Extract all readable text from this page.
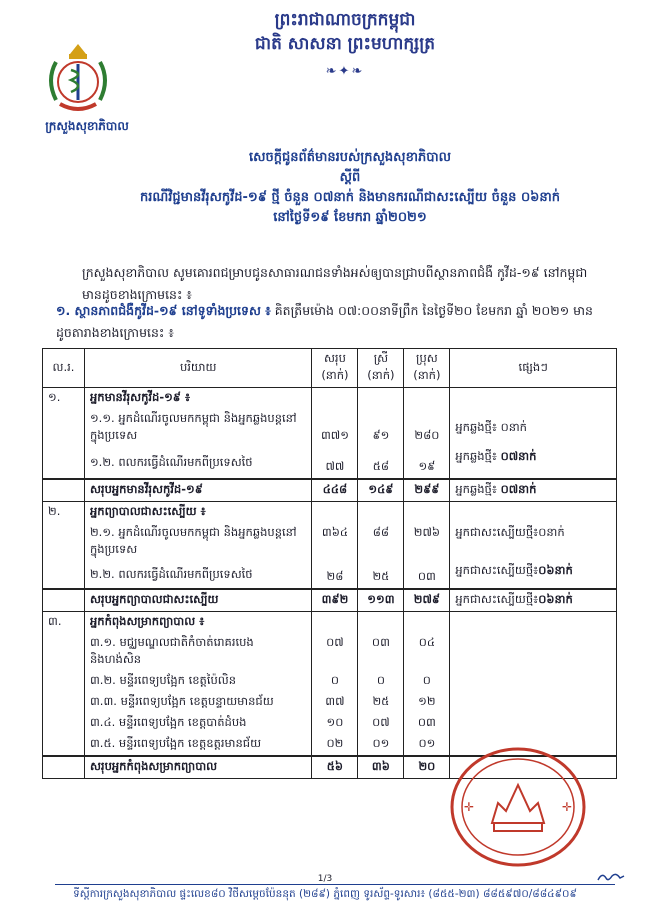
ព្រះរាជាណាចក្រកម្ពុជា
ជាតិ សាសនា ព្រះមហាក្សត្រ
❧✦❧
ក្រសួងសុខាភិបាល
សេចក្តីជូនព័ត៌មានរបស់ក្រសួងសុខាភិបាល
ស្តីពី
ករណីវិជ្ជមានវីរុសកូវីដ-១៩ ថ្មី ចំនួន ០៧នាក់ និងមានករណីជាសះស្បើយ ចំនួន ០៦នាក់
នៅថ្ងៃទី១៩ ខែមករា ឆ្នាំ២០២១
ក្រសួងសុខាភិបាល សូមគោរពជម្រាបជូនសាធារណជនទាំងអស់ឲ្យបានជ្រាបពីស្ថានភាពជំងឺ កូវីដ-១៩ នៅកម្ពុជា មានដូចខាងក្រោមនេះ ៖
១. ស្ថានភាពជំងឺកូវីដ-១៩ នៅទូទាំងប្រទេស ៖ គិតត្រឹមម៉ោង ០៧:០០នាទីព្រឹក នៃថ្ងៃទី២០ ខែមករា ឆ្នាំ ២០២១ មានដូចតារាងខាងក្រោមនេះ ៖
ល.រ.	បរិយាយ	សរុប (នាក់)	ស្រី (នាក់)	ប្រុស (នាក់)	ផ្សេងៗ
១.	អ្នកមានវីរុសកូវីដ-១៩ ៖				
	១.១. អ្នកដំណើរចូលមកកម្ពុជា និងអ្នកឆ្លងបន្តនៅក្នុងប្រទេស	៣៧១	៩១	២៨០	អ្នកឆ្លងថ្មី៖ ០នាក់
	១.២. ពលករធ្វើដំណើរមកពីប្រទេសថៃ	៧៧	៥៨	១៩	អ្នកឆ្លងថ្មី៖ ០៧នាក់
	សរុបអ្នកមានវីរុសកូវីដ-១៩	៤៤៨	១៤៩	២៩៩	អ្នកឆ្លងថ្មី៖ ០៧នាក់
២.	អ្នកព្យាបាលជាសះស្បើយ ៖				
	២.១. អ្នកដំណើរចូលមកកម្ពុជា និងអ្នកឆ្លងបន្តនៅក្នុងប្រទេស	៣៦៤	៨៨	២៧៦	អ្នកជាសះស្បើយថ្មី៖០នាក់
	២.២. ពលករធ្វើដំណើរមកពីប្រទេសថៃ	២៨	២៥	០៣	អ្នកជាសះស្បើយថ្មី៖០៦នាក់
	សរុបអ្នកព្យាបាលជាសះស្បើយ	៣៩២	១១៣	២៧៩	អ្នកជាសះស្បើយថ្មី៖០៦នាក់
៣.	អ្នកកំពុងសម្រាកព្យាបាល ៖				
	៣.១. មជ្ឈមណ្ឌលជាតិកំចាត់រោគរបេង និងហង់សិន	០៧	០៣	០៤	
	៣.២. មន្ទីរពេទ្យបង្អែក ខេត្តប៉ៃលិន	០	០	០	
	៣.៣. មន្ទីរពេទ្យបង្អែក ខេត្តបន្ទាយមានជ័យ	៣៧	២៥	១២	
	៣.៤. មន្ទីរពេទ្យបង្អែក ខេត្តបាត់ដំបង	១០	០៧	០៣	
	៣.៥. មន្ទីរពេទ្យបង្អែក ខេត្តឧត្តរមានជ័យ	០២	០១	០១	
	សរុបអ្នកកំពុងសម្រាកព្យាបាល	៥៦	៣៦	២០	
✛	✛
1/3
ទីស្តីការក្រសួងសុខាភិបាល ផ្ទះលេខ៨០ វិថីសម្តេចប៉ែននុត (២៨៩) ភ្នំពេញ ទូរស័ព្ទ-ទូរសារ៖ (៨៥៥-២៣) ៨៨៥៩៧០/៨៨៤៩០៩
